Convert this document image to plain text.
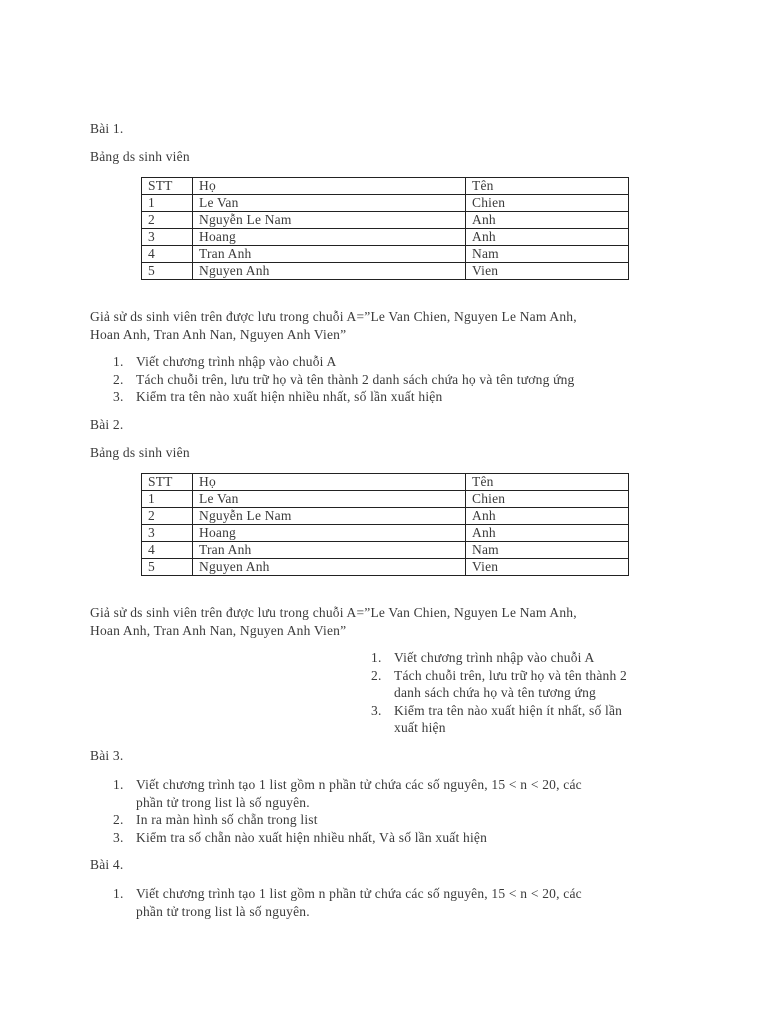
Bài 1.
Bảng ds sinh viên
STT	Họ	Tên
1	Le Van	Chien
2	Nguyễn Le Nam	Anh
3	Hoang	Anh
4	Tran Anh	Nam
5	Nguyen Anh	Vien
Giả sử ds sinh viên trên được lưu trong chuỗi A=”Le Van Chien, Nguyen Le Nam Anh,
Hoan Anh, Tran Anh Nan, Nguyen Anh Vien”
1. Viết chương trình nhập vào chuỗi A
2. Tách chuỗi trên, lưu trữ họ và tên thành 2 danh sách chứa họ và tên tương ứng
3. Kiểm tra tên nào xuất hiện nhiều nhất, số lần xuất hiện
Bài 2.
Bảng ds sinh viên
STT	Họ	Tên
1	Le Van	Chien
2	Nguyễn Le Nam	Anh
3	Hoang	Anh
4	Tran Anh	Nam
5	Nguyen Anh	Vien
Giả sử ds sinh viên trên được lưu trong chuỗi A=”Le Van Chien, Nguyen Le Nam Anh,
Hoan Anh, Tran Anh Nan, Nguyen Anh Vien”
1. Viết chương trình nhập vào chuỗi A
2. Tách chuỗi trên, lưu trữ họ và tên thành 2
danh sách chứa họ và tên tương ứng
3. Kiểm tra tên nào xuất hiện ít nhất, số lần
xuất hiện
Bài 3.
1. Viết chương trình tạo 1 list gồm n phần tử chứa các số nguyên, 15 < n < 20, các
phần tử trong list là số nguyên.
2. In ra màn hình số chẵn trong list
3. Kiểm tra số chẵn nào xuất hiện nhiều nhất, Và số lần xuất hiện
Bài 4.
1. Viết chương trình tạo 1 list gồm n phần tử chứa các số nguyên, 15 < n < 20, các
phần tử trong list là số nguyên.
